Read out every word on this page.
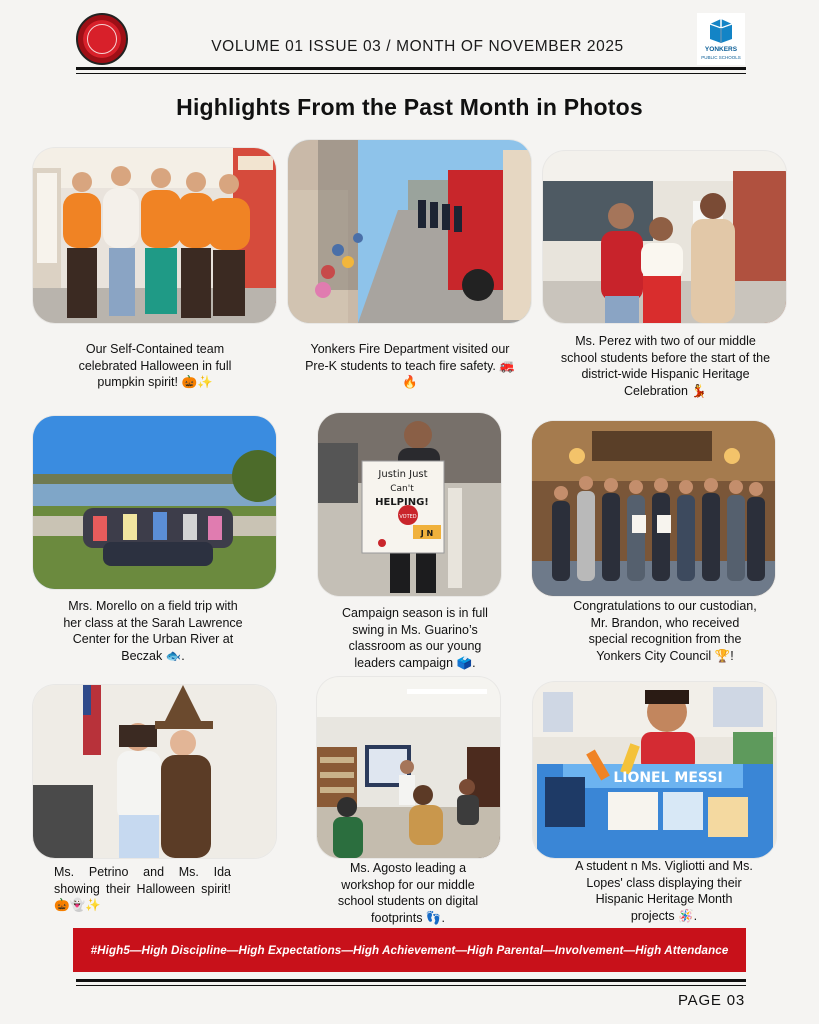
VOLUME 01 ISSUE 03 / MONTH OF NOVEMBER 2025	YONKERS
PUBLIC SCHOOLS
Highlights From the Past Month in Photos
Our Self-Contained team celebrated Halloween in full pumpkin spirit! 🎃✨
Yonkers Fire Department visited our Pre-K students to teach fire safety. 🚒🔥
Ms. Perez with two of our middle school students before the start of the district-wide Hispanic Heritage Celebration 💃
Justin Just
Can't
HELPING!
VOTED
J N
Mrs. Morello on a field trip with her class at the Sarah Lawrence Center for the Urban River at Beczak 🐟.
Campaign season is in full swing in Ms. Guarino’s classroom as our young leaders campaign 🗳️.
Congratulations to our custodian, Mr. Brandon, who received special recognition from the Yonkers City Council 🏆!
LIONEL MESSI
Ms. Petrino and Ms. Ida showing their Halloween spirit! 🎃👻✨
Ms. Agosto leading a workshop for our middle school students on digital footprints 👣.
A student n Ms. Vigliotti and Ms. Lopes' class displaying their Hispanic Heritage Month projects 🪅.
#High5—High Discipline—High Expectations—High Achievement—High Parental—Involvement—High Attendance
PAGE 03
